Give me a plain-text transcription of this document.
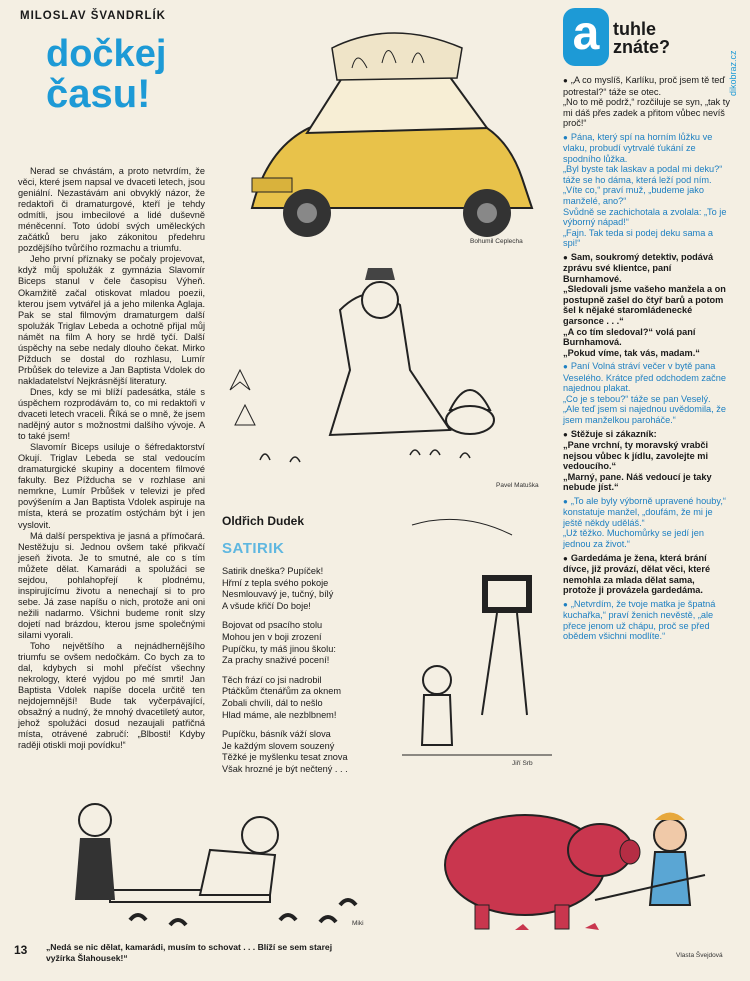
MILOSLAV ŠVANDRLÍK
dočkej
času!

Nerad se chvástám, a proto netvrdím, že věci, které jsem napsal ve dvaceti letech, jsou geniální. Nezastávám ani obvyklý názor, že redaktoři či dramaturgové, kteří je tehdy odmítli, jsou imbecilové a lidé duševně méněcenní. Toto údobí svých uměleckých začátků beru jako zákonitou předehru pozdějšího tvůrčího rozmachu a triumfu.

Jeho první příznaky se počaly projevovat, když můj spolužák z gymnázia Slavomír Biceps stanul v čele časopisu Výheň. Okamžitě začal otiskovat mladou poezii, kterou jsem vytvářel já a jeho milenka Aglaja. Pak se stal filmovým dramaturgem další spolužák Triglav Lebeda a ochotně přijal můj námět na film A hory se hrdě tyčí. Další úspěchy na sebe nedaly dlouho čekat. Mirko Pížduch se dostal do rozhlasu, Lumír Prbůšek do televize a Jan Baptista Vdolek do nakladatelství Nejkrásnější literatury.

Dnes, kdy se mi blíží padesátka, stále s úspěchem rozprodávám to, co mi redaktoři v dvaceti letech vraceli. Říká se o mně, že jsem nadějný autor s možnostmi dalšího vývoje. A to také jsem!

Slavomír Biceps usiluje o šéfredaktorství Okují. Triglav Lebeda se stal vedoucím dramaturgické skupiny a docentem filmové fakulty. Bez Pížducha se v rozhlase ani nemrkne, Lumír Prbůšek v televizi je před povýšením a Jan Baptista Vdolek aspiruje na místa, která se prozatím ostýchám být i jen vyslovit.

Má další perspektiva je jasná a přímočará. Nestěžuju si. Jednou ovšem také přikvačí jeseň života. Je to smutné, ale co s tím můžete dělat. Kamarádi a spolužáci se sejdou, pohlahopřejí k plodnému, inspirujícímu životu a nenechají si to pro sebe. Já zase napíšu o nich, protože ani oni nežili nadarmo. Všichni budeme ronit slzy dojetí nad brázdou, kterou jsme společnými silami vyorali.

Toho největšího a nejnádhernějšího triumfu se ovšem nedočkám. Co bych za to dal, kdybych si mohl přečíst všechny nekrology, které vyjdou po mé smrti! Jan Baptista Vdolek napíše docela určitě ten nejdojemnější! Bude tak vyčerpávající, obsažný a nudný, že mnohý dvacetiletý autor, jehož spolužáci dosud nezaujali patřičná místa, otrávené zabručí: „Blbosti! Kdyby raději otiskli moji povídku!“

Bohumil Ceplecha
Pavel Matuška
Oldřich Dudek
SATIRIK
Satirik dneška? Pupíček!
Hřmí z tepla svého pokoje
Nesmlouvavý je, tučný, bílý
A všude křičí Do boje!
Bojovat od psacího stolu
Mohou jen v boji zrození
Pupíčku, ty máš jinou školu:
Za prachy snaživé pocení!
Těch frází co jsi nadrobil
Ptáčkům čtenářům za oknem
Zobali chvíli, dál to nešlo
Hlad máme, ale nezblbnem!
Pupíčku, básník váží slova
Je každým slovem souzený
Těžké je myšlenku tesat znova
Však hrozné je být nečtený . . .
Jiří Srb
a tuhle
znáte?
dikobraz.cz
● „A co myslíš, Karlíku, proč jsem tě teď potrestal?“ táže se otec.
„No to mě podrž,“ rozčiluje se syn, „tak ty mi dáš přes zadek a přitom vůbec nevíš proč!“
● Pána, který spí na horním lůžku ve vlaku, probudí vytrvalé ťukání ze spodního lůžka.
„Byl byste tak laskav a podal mi deku?“ táže se ho dáma, která leží pod ním.
„Víte co,“ praví muž, „budeme jako manželé, ano?“
Svůdně se zachichotala a zvolala: „To je výborný nápad!“
„Fajn. Tak teda si podej deku sama a spi!“
● Sam, soukromý detektiv, podává zprávu své klientce, paní Burnhamové.
„Sledovali jsme vašeho manžela a on postupně zašel do čtyř barů a potom šel k nějaké staromládenecké garsonce . . .“
„A co tím sledoval?“ volá paní Burnhamová.
„Pokud víme, tak vás, madam.“
● Paní Volná stráví večer v bytě pana Veselého. Krátce před odchodem začne najednou plakat.
„Co je s tebou?“ táže se pan Veselý.
„Ale teď jsem si najednou uvědomila, že jsem manželkou paroháče.“
● Stěžuje si zákazník:
„Pane vrchní, ty moravský vrabči nejsou vůbec k jídlu, zavolejte mi vedoucího.“
„Marný, pane. Náš vedoucí je taky nebude jíst.“
● „To ale byly výborně upravené houby,“ konstatuje manžel, „doufám, že mi je ještě někdy uděláš.“
„Už těžko. Muchomůrky se jedí jen jednou za život.“
● Gardedáma je žena, která brání dívce, již provází, dělat věci, které nemohla za mlada dělat sama, protože ji provázela gardedáma.
● „Netvrdím, že tvoje matka je špatná kuchařka,“ praví ženich nevěstě, „ale přece jenom už chápu, proč se před obědem všichni modlíte.“
Miki
13 „Nedá se nic dělat, kamarádi, musím to schovat . . . Blíží se sem starej vyžírka Šlahousek!“	Vlasta Švejdová
